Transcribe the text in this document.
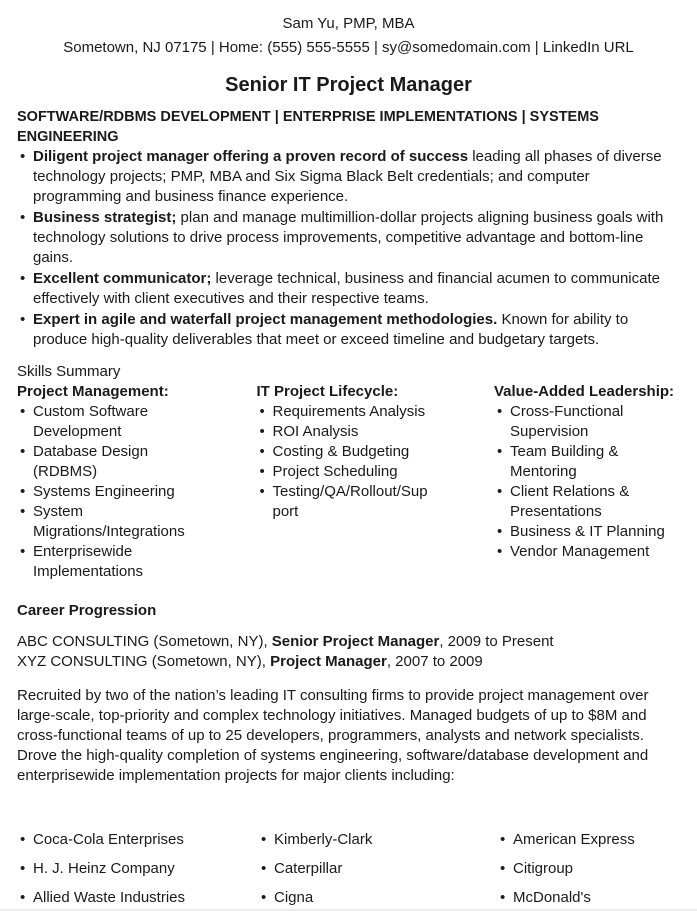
Sam Yu, PMP, MBA
Sometown, NJ 07175 | Home: (555) 555-5555 | sy@somedomain.com | LinkedIn URL
Senior IT Project Manager
SOFTWARE/RDBMS DEVELOPMENT | ENTERPRISE IMPLEMENTATIONS | SYSTEMS ENGINEERING
• Diligent project manager offering a proven record of success leading all phases of diverse technology projects; PMP, MBA and Six Sigma Black Belt credentials; and computer programming and business finance experience.
• Business strategist; plan and manage multimillion-dollar projects aligning business goals with technology solutions to drive process improvements, competitive advantage and bottom-line gains.
• Excellent communicator; leverage technical, business and financial acumen to communicate effectively with client executives and their respective teams.
• Expert in agile and waterfall project management methodologies. Known for ability to produce high-quality deliverables that meet or exceed timeline and budgetary targets.
Skills Summary
Project Management:
• Custom Software Development
• Database Design (RDBMS)
• Systems Engineering
• System Migrations/Integrations
• Enterprisewide Implementations
IT Project Lifecycle:
• Requirements Analysis
• ROI Analysis
• Costing & Budgeting
• Project Scheduling
• Testing/QA/Rollout/Support
Value-Added Leadership:
• Cross-Functional Supervision
• Team Building & Mentoring
• Client Relations & Presentations
• Business & IT Planning
• Vendor Management
Career Progression
ABC CONSULTING (Sometown, NY), Senior Project Manager, 2009 to Present
XYZ CONSULTING (Sometown, NY), Project Manager, 2007 to 2009
Recruited by two of the nation’s leading IT consulting firms to provide project management over large-scale, top-priority and complex technology initiatives. Managed budgets of up to $8M and cross-functional teams of up to 25 developers, programmers, analysts and network specialists.
Drove the high-quality completion of systems engineering, software/database development and enterprisewide implementation projects for major clients including:
• Coca-Cola Enterprises
• H. J. Heinz Company
• Allied Waste Industries
• Kimberly-Clark
• Caterpillar
• Cigna
• American Express
• Citigroup
• McDonald's
